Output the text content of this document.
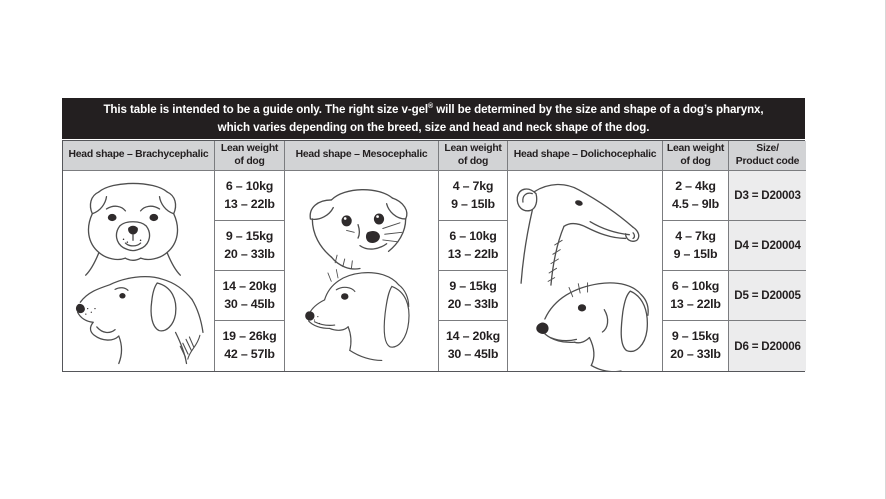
This table is intended to be a guide only. The right size v-gel® will be determined by the size and shape of a dog’s pharynx,
which varies depending on the breed, size and head and neck shape of the dog.
Head shape – Brachycephalic
Lean weight
of dog
Head shape – Mesocephalic
Lean weight
of dog
Head shape – Dolichocephalic
Lean weight
of dog
Size/
Product code
6 – 10kg
13 – 22lb
9 – 15kg
20 – 33lb
14 – 20kg
30 – 45lb
19 – 26kg
42 – 57lb
4 – 7kg
9 – 15lb
6 – 10kg
13 – 22lb
9 – 15kg
20 – 33lb
14 – 20kg
30 – 45lb
2 – 4kg
4.5 – 9lb
4 – 7kg
9 – 15lb
6 – 10kg
13 – 22lb
9 – 15kg
20 – 33lb
D3 = D20003
D4 = D20004
D5 = D20005
D6 = D20006
